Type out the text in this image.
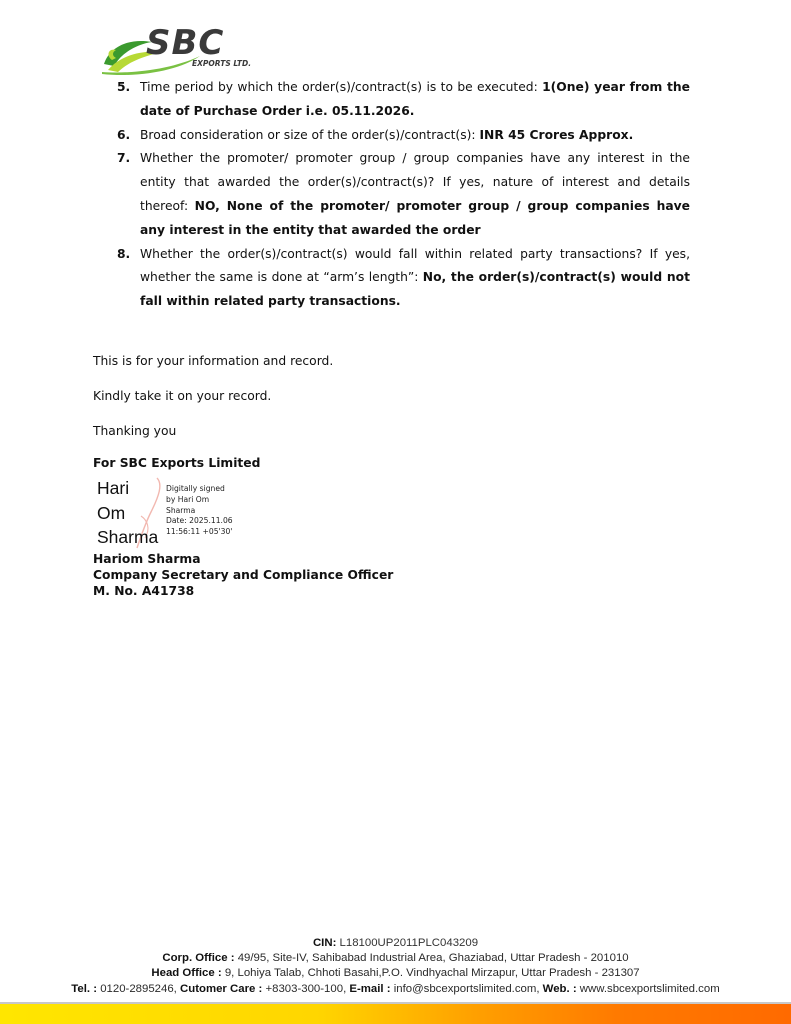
SBC
EXPORTS LTD.
5. Time period by which the order(s)/contract(s) is to be executed: 1(One) year from the date of Purchase Order i.e. 05.11.2026.
6. Broad consideration or size of the order(s)/contract(s): INR 45 Crores Approx.
7. Whether the promoter/ promoter group / group companies have any interest in the entity that awarded the order(s)/contract(s)? If yes, nature of interest and details thereof: NO, None of the promoter/ promoter group / group companies have any interest in the entity that awarded the order
8. Whether the order(s)/contract(s) would fall within related party transactions? If yes, whether the same is done at “arm’s length”: No, the order(s)/contract(s) would not fall within related party transactions.
This is for your information and record.
Kindly take it on your record.
Thanking you
For SBC Exports Limited
Hari
Om
Sharma
Digitally signed
by Hari Om
Sharma
Date: 2025.11.06
11:56:11 +05'30'
Hariom Sharma
Company Secretary and Compliance Officer
M. No. A41738
CIN: L18100UP2011PLC043209
Corp. Office : 49/95, Site-IV, Sahibabad Industrial Area, Ghaziabad, Uttar Pradesh - 201010
Head Office : 9, Lohiya Talab, Chhoti Basahi,P.O. Vindhyachal Mirzapur, Uttar Pradesh - 231307
Tel. : 0120-2895246, Cutomer Care : +8303-300-100, E-mail : info@sbcexportslimited.com, Web. : www.sbcexportslimited.com
